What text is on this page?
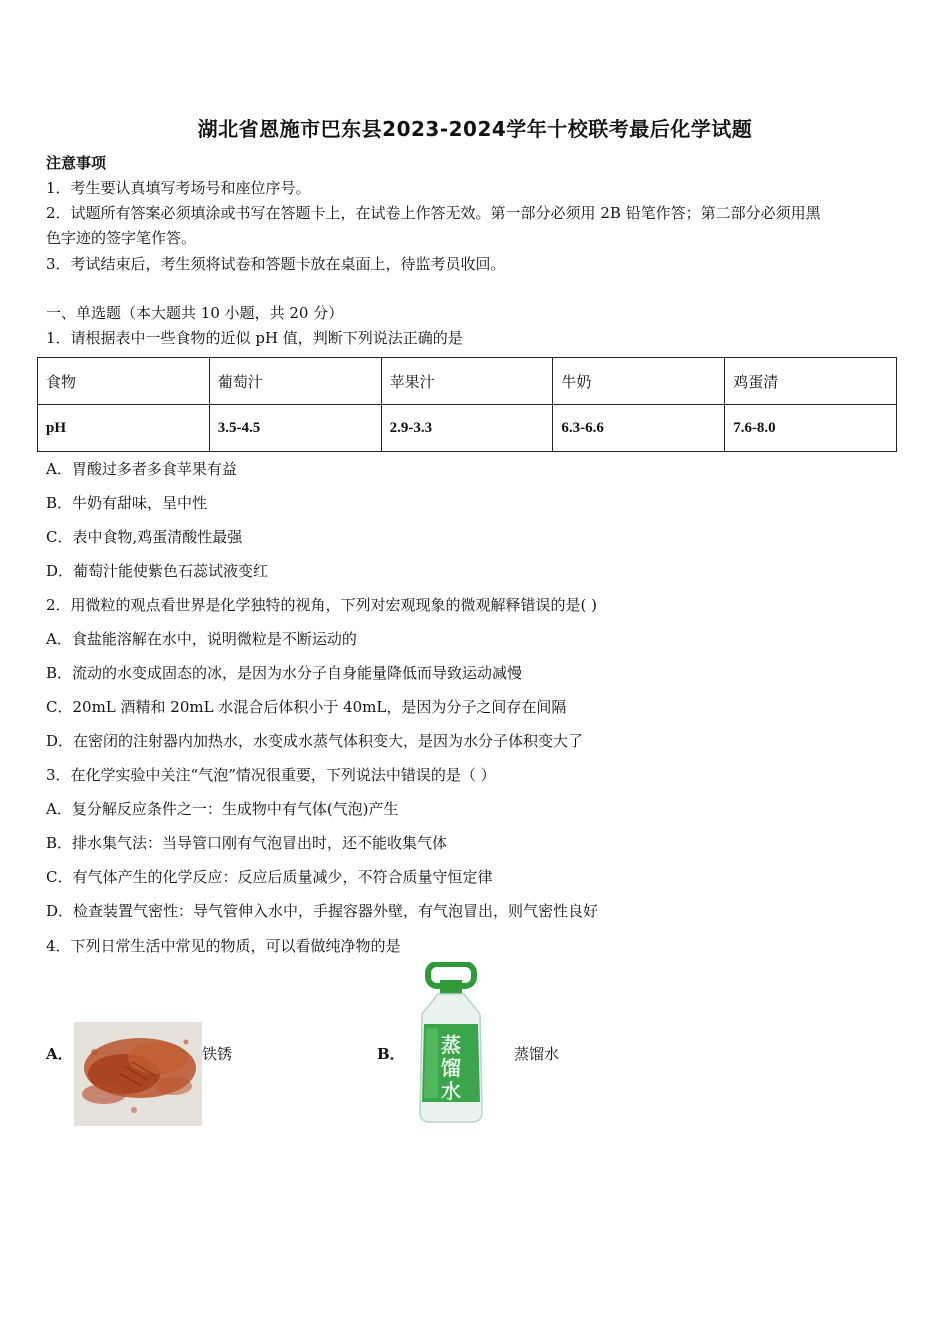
湖北省恩施市巴东县2023-2024学年十校联考最后化学试题
注意事项
1．考生要认真填写考场号和座位序号。
2．试题所有答案必须填涂或书写在答题卡上，在试卷上作答无效。第一部分必须用 2B 铅笔作答；第二部分必须用黑
色字迹的签字笔作答。
3．考试结束后，考生须将试卷和答题卡放在桌面上，待监考员收回。
一、单选题（本大题共 10 小题，共 20 分）
1．请根据表中一些食物的近似 pH 值，判断下列说法正确的是
食物	葡萄汁	苹果汁	牛奶	鸡蛋清
pH	3.5-4.5	2.9-3.3	6.3-6.6	7.6-8.0
A．胃酸过多者多食苹果有益
B．牛奶有甜味，呈中性
C．表中食物,鸡蛋清酸性最强
D．葡萄汁能使紫色石蕊试液变红
2．用微粒的观点看世界是化学独特的视角，下列对宏观现象的微观解释错误的是( )
A．食盐能溶解在水中，说明微粒是不断运动的
B．流动的水变成固态的冰，是因为水分子自身能量降低而导致运动减慢
C．20mL 酒精和 20mL 水混合后体积小于 40mL，是因为分子之间存在间隔
D．在密闭的注射器内加热水，水变成水蒸气体积变大，是因为水分子体积变大了
3．在化学实验中关注“气泡”情况很重要，下列说法中错误的是（ ）
A．复分解反应条件之一：生成物中有气体(气泡)产生
B．排水集气法：当导管口刚有气泡冒出时，还不能收集气体
C．有气体产生的化学反应：反应后质量减少，不符合质量守恒定律
D．检查装置气密性：导气管伸入水中，手握容器外壁，有气泡冒出，则气密性良好
4．下列日常生活中常见的物质，可以看做纯净物的是
A．	铁锈	B． 蒸
馏
水
蒸馏水
